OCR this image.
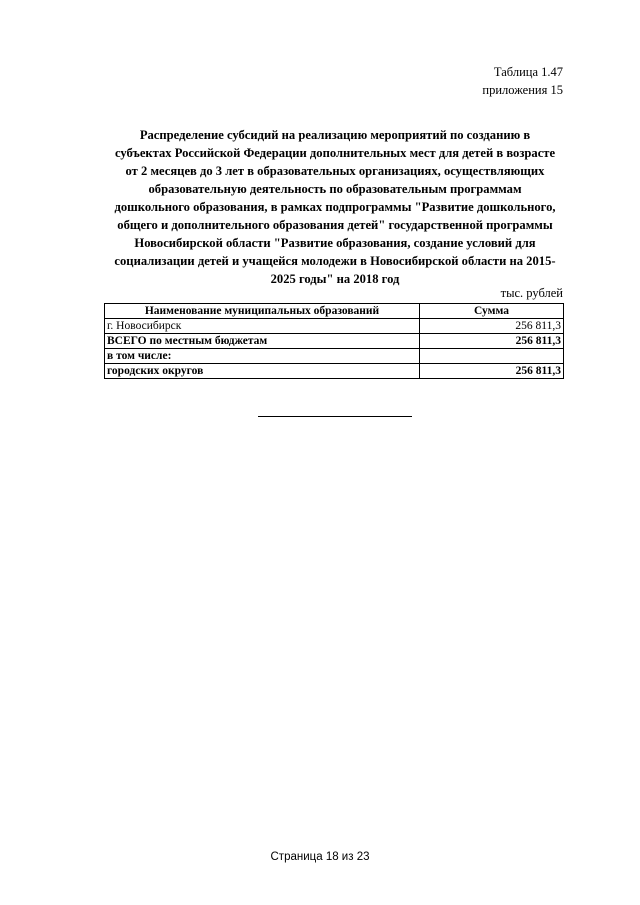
Таблица 1.47
приложения 15
Распределение субсидий на реализацию мероприятий по созданию в
субъектах Российской Федерации дополнительных мест для детей в возрасте
от 2 месяцев до 3 лет в образовательных организациях, осуществляющих
образовательную деятельность по образовательным программам
дошкольного образования, в рамках подпрограммы "Развитие дошкольного,
общего и дополнительного образования детей" государственной программы
Новосибирской области "Развитие образования, создание условий для
социализации детей и учащейся молодежи в Новосибирской области на 2015-
2025 годы" на 2018 год
тыс. рублей
Наименование муниципальных образований	Сумма
г. Новосибирск	256 811,3
ВСЕГО по местным бюджетам	256 811,3
в том числе:	
городских округов	256 811,3
Страница 18 из 23
